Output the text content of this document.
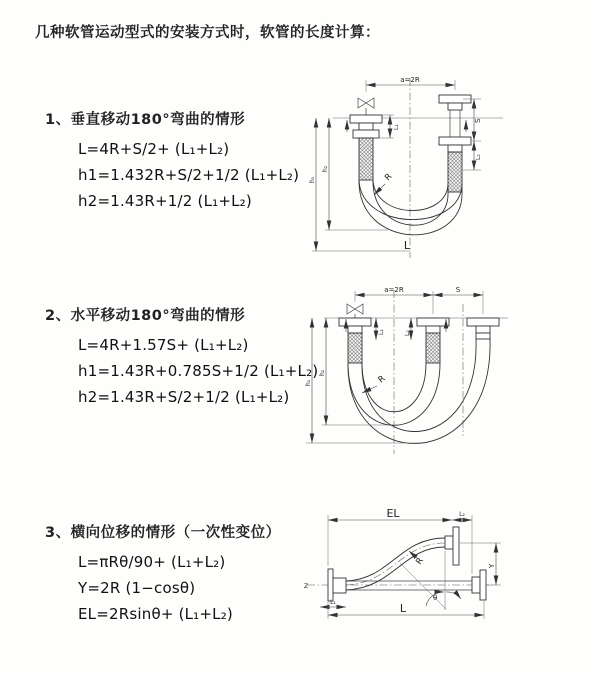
几种软管运动型式的安装方式时，软管的长度计算：
1、垂直移动180°弯曲的情形
L=4R+S/2+ (L₁+L₂)
h1=1.432R+S/2+1/2 (L₁+L₂)
h2=1.43R+1/2 (L₁+L₂)
2、水平移动180°弯曲的情形
L=4R+1.57S+ (L₁+L₂)
h1=1.43R+0.785S+1/2 (L₁+L₂)
h2=1.43R+S/2+1/2 (L₁+L₂)
3、横向位移的情形（一次性变位）
L=πRθ/90+ (L₁+L₂)
Y=2R (1−cosθ)
EL=2Rsinθ+ (L₁+L₂)
a=2R
L₁
h₁
h₂
S
L₂
R
L
a=2R	S
L₁	L₂
h₁
h₂
R
Z
EL	L₂
θ
R	Y
L₁	L
